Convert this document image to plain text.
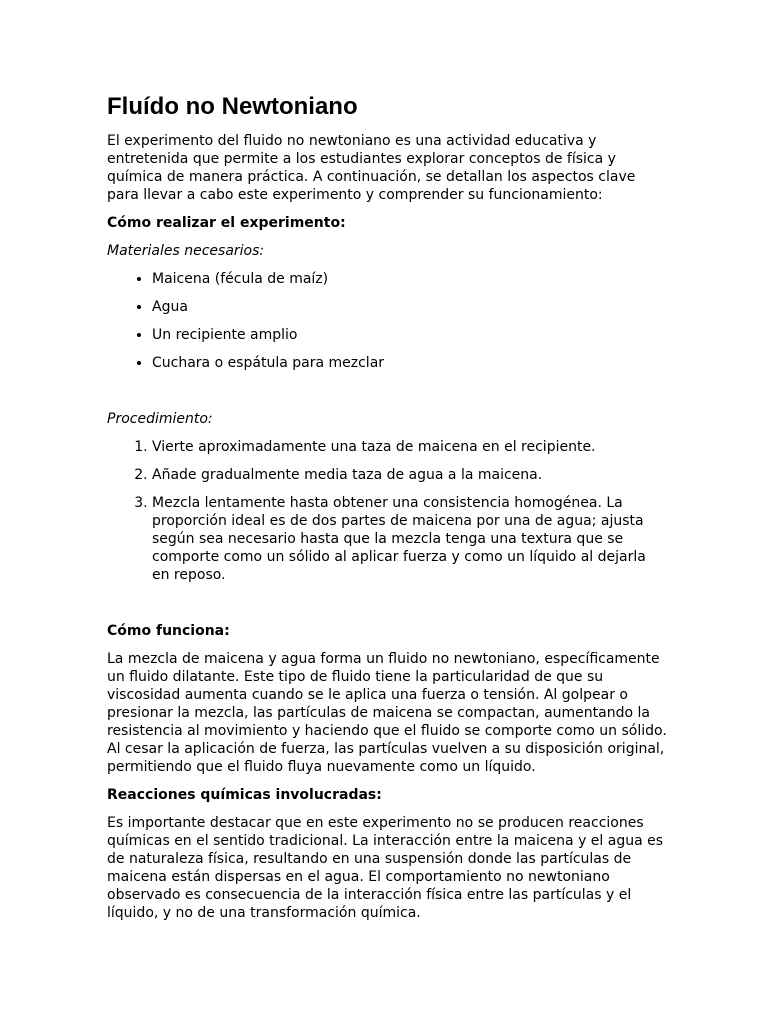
Fluído no Newtoniano

El experimento del fluido no newtoniano es una actividad educativa y entretenida que permite a los estudiantes explorar conceptos de física y química de manera práctica. A continuación, se detallan los aspectos clave para llevar a cabo este experimento y comprender su funcionamiento:

Cómo realizar el experimento:

Materiales necesarios:

• Maicena (fécula de maíz)
• Agua
• Un recipiente amplio
• Cuchara o espátula para mezclar

Procedimiento:

1. Vierte aproximadamente una taza de maicena en el recipiente.
2. Añade gradualmente media taza de agua a la maicena.
3. Mezcla lentamente hasta obtener una consistencia homogénea. La proporción ideal es de dos partes de maicena por una de agua; ajusta según sea necesario hasta que la mezcla tenga una textura que se comporte como un sólido al aplicar fuerza y como un líquido al dejarla en reposo.

Cómo funciona:

La mezcla de maicena y agua forma un fluido no newtoniano, específicamente un fluido dilatante. Este tipo de fluido tiene la particularidad de que su viscosidad aumenta cuando se le aplica una fuerza o tensión. Al golpear o presionar la mezcla, las partículas de maicena se compactan, aumentando la resistencia al movimiento y haciendo que el fluido se comporte como un sólido. Al cesar la aplicación de fuerza, las partículas vuelven a su disposición original, permitiendo que el fluido fluya nuevamente como un líquido.

Reacciones químicas involucradas:

Es importante destacar que en este experimento no se producen reacciones químicas en el sentido tradicional. La interacción entre la maicena y el agua es de naturaleza física, resultando en una suspensión donde las partículas de maicena están dispersas en el agua. El comportamiento no newtoniano observado es consecuencia de la interacción física entre las partículas y el líquido, y no de una transformación química.
